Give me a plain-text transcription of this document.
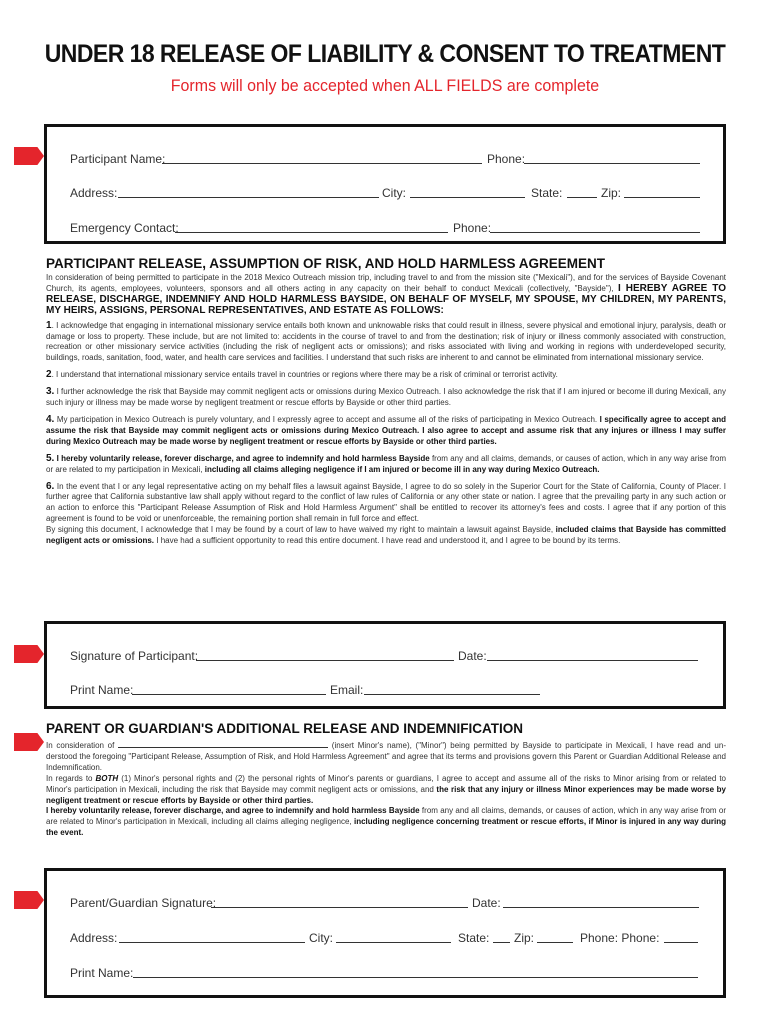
UNDER 18 RELEASE OF LIABILITY & CONSENT TO TREATMENT
Forms will only be accepted when ALL FIELDS are complete
Participant Name:	Phone:
Address:	City:	State:	Zip:
Emergency Contact:	Phone:
PARTICIPANT RELEASE, ASSUMPTION OF RISK, AND HOLD HARMLESS AGREEMENT

In consideration of being permitted to participate in the 2018 Mexico Outreach mission trip, including travel to and from the mission site ("Mexicali"), and for the services of Bayside Covenant Church, its agents, employees, volunteers, sponsors and all others acting in any capacity on their behalf to conduct Mexicali (collectively, "Bayside"), I HEREBY AGREE TO RELEASE, DISCHARGE, INDEMNIFY AND HOLD HARMLESS BAYSIDE, ON BEHALF OF MYSELF, MY SPOUSE, MY CHILDREN, MY PARENTS, MY HEIRS, ASSIGNS, PERSONAL REPRESENTATIVES, AND ESTATE AS FOLLOWS:

1. I acknowledge that engaging in international missionary service entails both known and unknowable risks that could result in illness, severe physical and emotional injury, paralysis, death or damage or loss to property. These include, but are not limited to: accidents in the course of travel to and from the destination; risk of injury or illness commonly associated with construction, recreation or other missionary service activities (including the risk of negligent acts or omissions); and risks associated with living and working in regions with underdeveloped security, buildings, roads, sanitation, food, water, and health care services and facilities. I understand that such risks are inherent to and cannot be eliminated from international missionary service.

2. I understand that international missionary service entails travel in countries or regions where there may be a risk of criminal or terrorist activity.

3. I further acknowledge the risk that Bayside may commit negligent acts or omissions during Mexico Outreach. I also acknowledge the risk that if I am injured or become ill during Mexicali, any such injury or illness may be made worse by negligent treatment or rescue efforts by Bayside or other third parties.

4. My participation in Mexico Outreach is purely voluntary, and I expressly agree to accept and assume all of the risks of participating in Mexico Outreach. I specifically agree to accept and assume the risk that Bayside may commit negligent acts or omissions during Mexico Outreach. I also agree to accept and assume risk that any injures or illness I may suffer during Mexico Outreach may be made worse by negligent treatment or rescue efforts by Bayside or other third parties.

5. I hereby voluntarily release, forever discharge, and agree to indemnify and hold harmless Bayside from any and all claims, demands, or causes of action, which in any way arise from or are related to my participation in Mexicali, including all claims alleging negligence if I am injured or become ill in any way during Mexico Outreach.

6. In the event that I or any legal representative acting on my behalf files a lawsuit against Bayside, I agree to do so solely in the Superior Court for the State of California, County of Placer. I further agree that California substantive law shall apply without regard to the conflict of law rules of California or any other state or nation. I agree that the prevailing party in any such action or an action to enforce this "Participant Release Assumption of Risk and Hold Harmless Argument" shall be entitled to recover its attorney's fees and costs. I agree that if any portion of this agreement is found to be void or unenforceable, the remaining portion shall remain in full force and effect.

By signing this document, I acknowledge that I may be found by a court of law to have waived my right to maintain a lawsuit against Bayside, included claims that Bayside has committed negligent acts or omissions. I have had a sufficient opportunity to read this entire document. I have read and understood it, and I agree to be bound by its terms.

Signature of Participant:	Date:
Print Name:	Email:
PARENT OR GUARDIAN'S ADDITIONAL RELEASE AND INDEMNIFICATION

In consideration of	(insert Minor's name), ("Minor") being permitted by Bayside to participate in Mexicali, I have read and un- derstood the foregoing "Participant Release, Assumption of Risk, and Hold Harmless Agreement" and agree that its terms and provisions govern this Parent or Guardian Additional Release and Indemnification.

In regards to BOTH (1) Minor's personal rights and (2) the personal rights of Minor's parents or guardians, I agree to accept and assume all of the risks to Minor arising from or related to Minor's participation in Mexicali, including the risk that Bayside may commit negligent acts or omissions, and the risk that any injury or illness Minor experiences may be made worse by negligent treatment or rescue efforts by Bayside or other third parties.

I hereby voluntarily release, forever discharge, and agree to indemnify and hold harmless Bayside from any and all claims, demands, or causes of action, which in any way arise from or are related to Minor's participation in Mexicali, including all claims alleging negligence, including negligence concerning treatment or rescue efforts, if Minor is injured in any way during the event.

Parent/Guardian Signature:	Date:
Address:	City:	State: Zip:	Phone: Phone:
Print Name:
